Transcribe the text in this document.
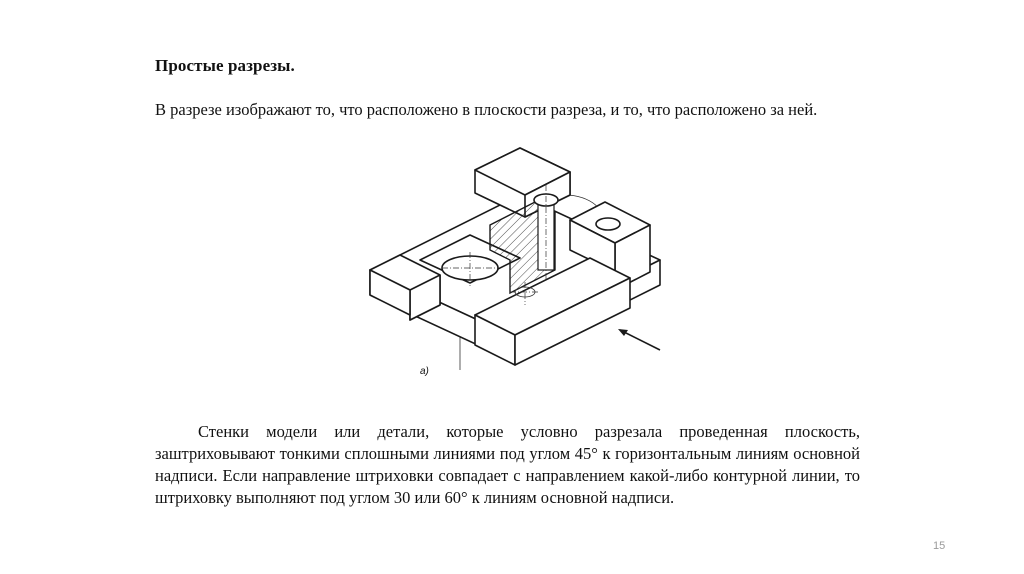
Простые разрезы.
В разрезе изображают то, что расположено в плоскости разреза, и то, что расположено за ней.
а)
Стенки модели или детали, которые условно разрезала проведенная плоскость, заштриховывают тонкими сплошными линиями под углом 45° к горизонтальным линиям основной надписи. Если направление штриховки совпадает с направлением какой-либо контурной линии, то штриховку выполняют под углом 30 или 60° к линиям основной надписи.
15
